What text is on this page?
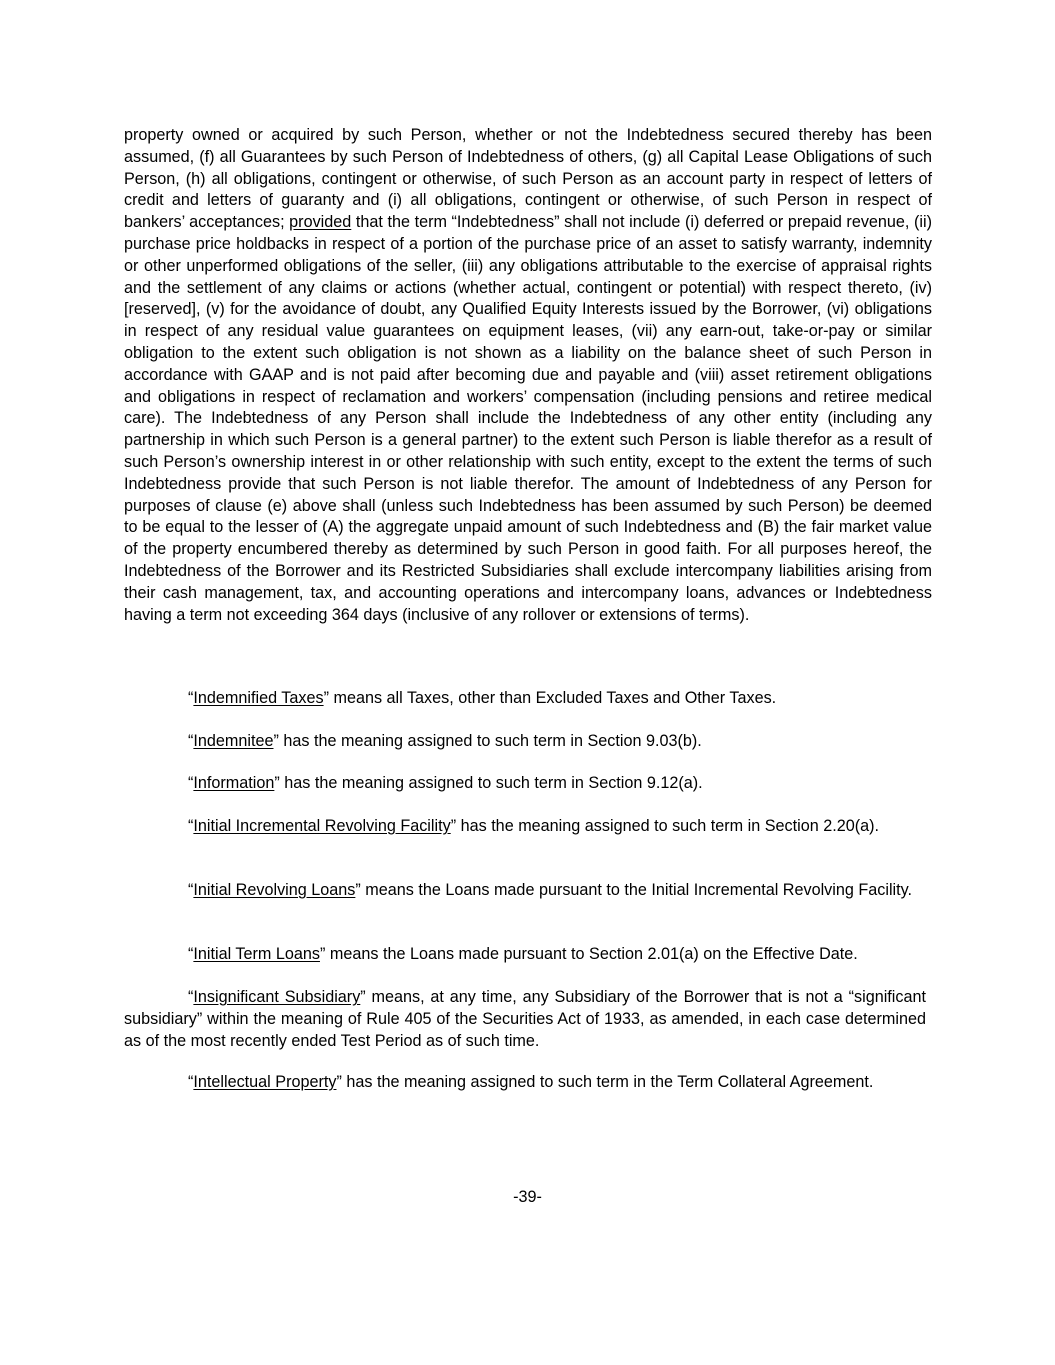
property owned or acquired by such Person, whether or not the Indebtedness secured thereby has been assumed, (f) all Guarantees by such Person of Indebtedness of others, (g) all Capital Lease Obligations of such Person, (h) all obligations, contingent or otherwise, of such Person as an account party in respect of letters of credit and letters of guaranty and (i) all obligations, contingent or otherwise, of such Person in respect of bankers’ acceptances; provided that the term “Indebtedness” shall not include (i) deferred or prepaid revenue, (ii) purchase price holdbacks in respect of a portion of the purchase price of an asset to satisfy warranty, indemnity or other unperformed obligations of the seller, (iii) any obligations attributable to the exercise of appraisal rights and the settlement of any claims or actions (whether actual, contingent or potential) with respect thereto, (iv) [reserved], (v) for the avoidance of doubt, any Qualified Equity Interests issued by the Borrower, (vi) obligations in respect of any residual value guarantees on equipment leases, (vii) any earn-out, take-or-pay or similar obligation to the extent such obligation is not shown as a liability on the balance sheet of such Person in accordance with GAAP and is not paid after becoming due and payable and (viii) asset retirement obligations and obligations in respect of reclamation and workers’ compensation (including pensions and retiree medical care). The Indebtedness of any Person shall include the Indebtedness of any other entity (including any partnership in which such Person is a general partner) to the extent such Person is liable therefor as a result of such Person’s ownership interest in or other relationship with such entity, except to the extent the terms of such Indebtedness provide that such Person is not liable therefor. The amount of Indebtedness of any Person for purposes of clause (e) above shall (unless such Indebtedness has been assumed by such Person) be deemed to be equal to the lesser of (A) the aggregate unpaid amount of such Indebtedness and (B) the fair market value of the property encumbered thereby as determined by such Person in good faith. For all purposes hereof, the Indebtedness of the Borrower and its Restricted Subsidiaries shall exclude intercompany liabilities arising from their cash management, tax, and accounting operations and intercompany loans, advances or Indebtedness having a term not exceeding 364 days (inclusive of any rollover or extensions of terms).

“Indemnified Taxes” means all Taxes, other than Excluded Taxes and Other Taxes.

“Indemnitee” has the meaning assigned to such term in Section 9.03(b).

“Information” has the meaning assigned to such term in Section 9.12(a).

“Initial Incremental Revolving Facility” has the meaning assigned to such term in Section 2.20(a).

“Initial Revolving Loans” means the Loans made pursuant to the Initial Incremental Revolving Facility.

“Initial Term Loans” means the Loans made pursuant to Section 2.01(a) on the Effective Date.

“Insignificant Subsidiary” means, at any time, any Subsidiary of the Borrower that is not a “significant subsidiary” within the meaning of Rule 405 of the Securities Act of 1933, as amended, in each case determined as of the most recently ended Test Period as of such time.

“Intellectual Property” has the meaning assigned to such term in the Term Collateral Agreement.

-39-
